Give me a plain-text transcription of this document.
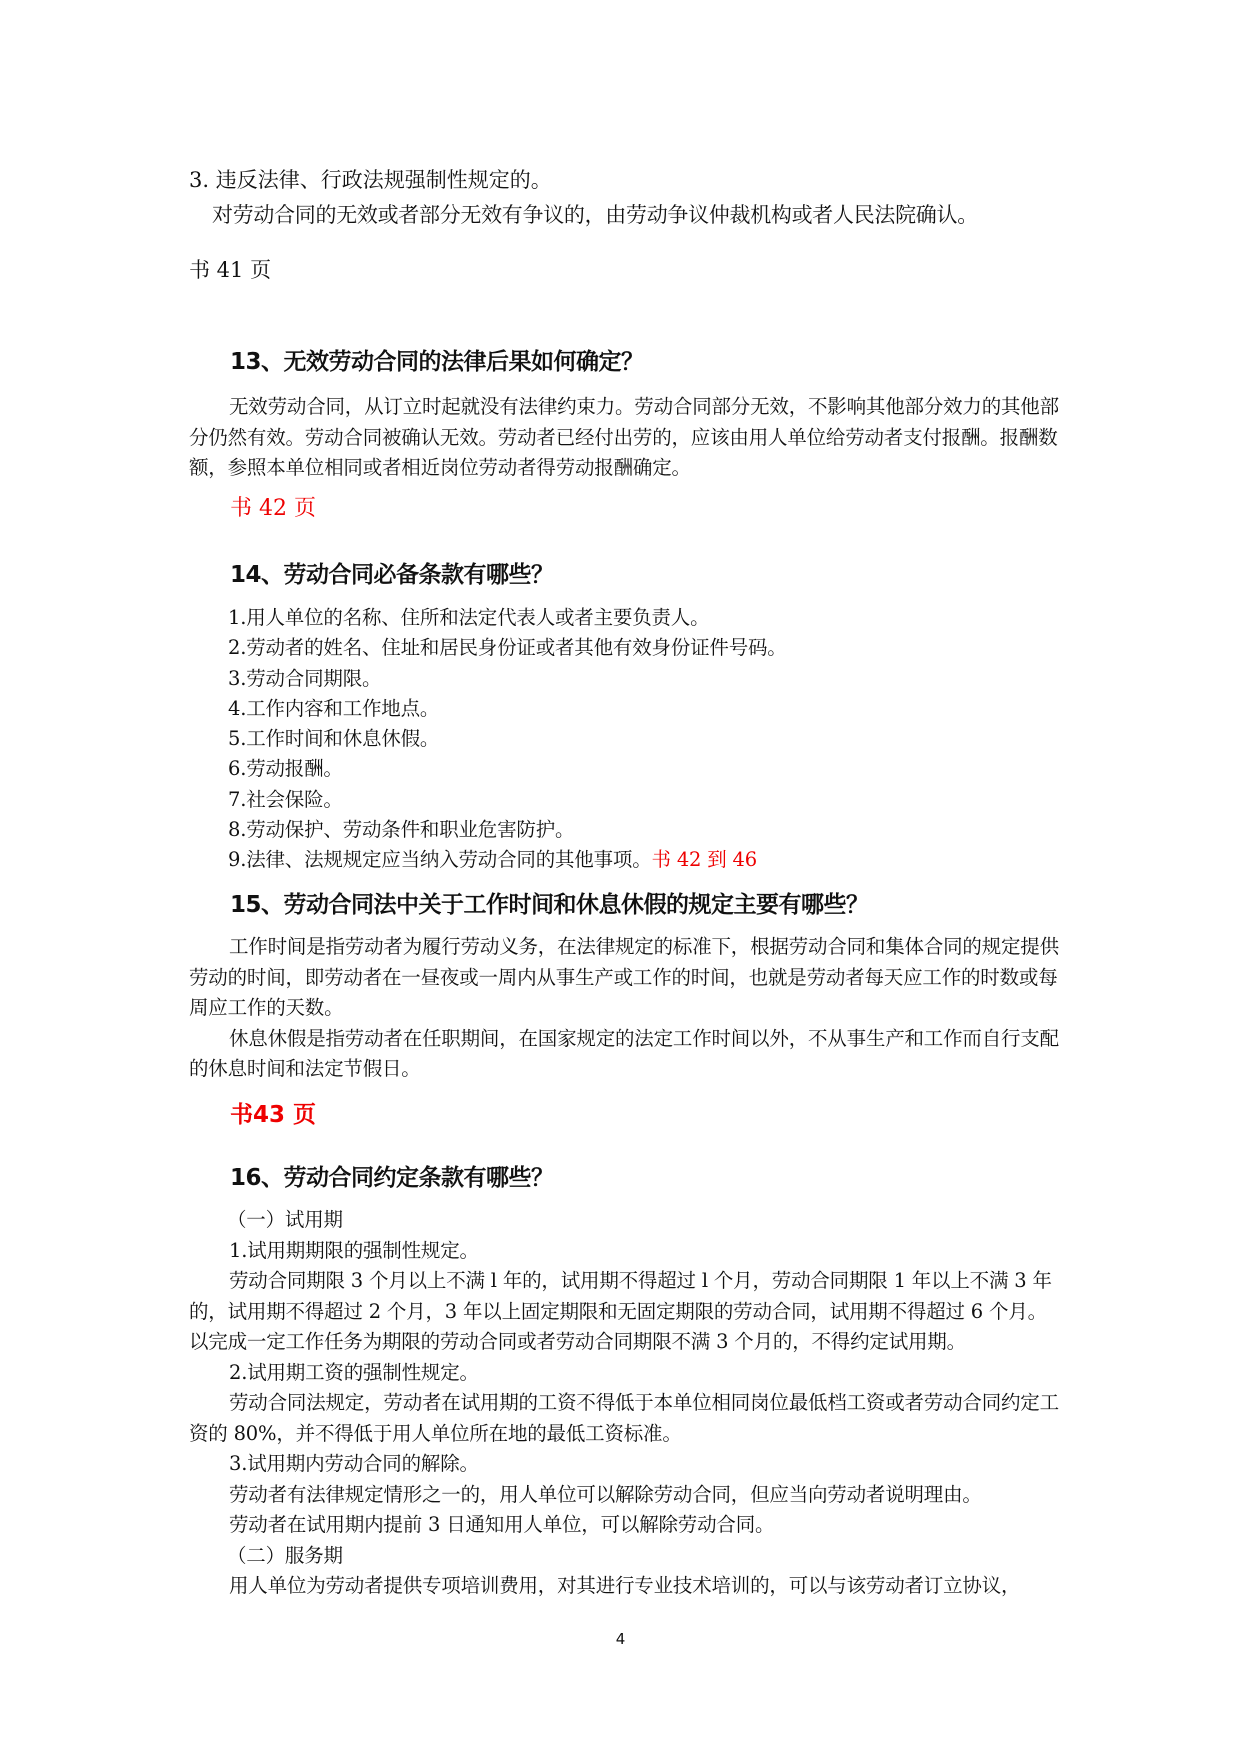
3. 违反法律、行政法规强制性规定的。

对劳动合同的无效或者部分无效有争议的，由劳动争议仲裁机构或者人民法院确认。

书 41 页

13、无效劳动合同的法律后果如何确定？

无效劳动合同，从订立时起就没有法律约束力。劳动合同部分无效，不影响其他部分效力的其他部分仍然有效。劳动合同被确认无效。劳动者已经付出劳的，应该由用人单位给劳动者支付报酬。报酬数额，参照本单位相同或者相近岗位劳动者得劳动报酬确定。

书 42 页

14、劳动合同必备条款有哪些？

1.用人单位的名称、住所和法定代表人或者主要负责人。
2.劳动者的姓名、住址和居民身份证或者其他有效身份证件号码。
3.劳动合同期限。
4.工作内容和工作地点。
5.工作时间和休息休假。
6.劳动报酬。
7.社会保险。
8.劳动保护、劳动条件和职业危害防护。
9.法律、法规规定应当纳入劳动合同的其他事项。书 42 到 46

15、劳动合同法中关于工作时间和休息休假的规定主要有哪些？

工作时间是指劳动者为履行劳动义务，在法律规定的标准下，根据劳动合同和集体合同的规定提供劳动的时间，即劳动者在一昼夜或一周内从事生产或工作的时间，也就是劳动者每天应工作的时数或每周应工作的天数。
休息休假是指劳动者在任职期间，在国家规定的法定工作时间以外，不从事生产和工作而自行支配的休息时间和法定节假日。

书43 页

16、劳动合同约定条款有哪些？

（一）试用期
1.试用期期限的强制性规定。
劳动合同期限 3 个月以上不满 l 年的，试用期不得超过 l 个月，劳动合同期限 1 年以上不满 3 年的，试用期不得超过 2 个月，3 年以上固定期限和无固定期限的劳动合同，试用期不得超过 6 个月。以完成一定工作任务为期限的劳动合同或者劳动合同期限不满 3 个月的，不得约定试用期。
2.试用期工资的强制性规定。
劳动合同法规定，劳动者在试用期的工资不得低于本单位相同岗位最低档工资或者劳动合同约定工资的 80%，并不得低于用人单位所在地的最低工资标准。
3.试用期内劳动合同的解除。
劳动者有法律规定情形之一的，用人单位可以解除劳动合同，但应当向劳动者说明理由。
劳动者在试用期内提前 3 日通知用人单位，可以解除劳动合同。
（二）服务期
用人单位为劳动者提供专项培训费用，对其进行专业技术培训的，可以与该劳动者订立协议，
4
